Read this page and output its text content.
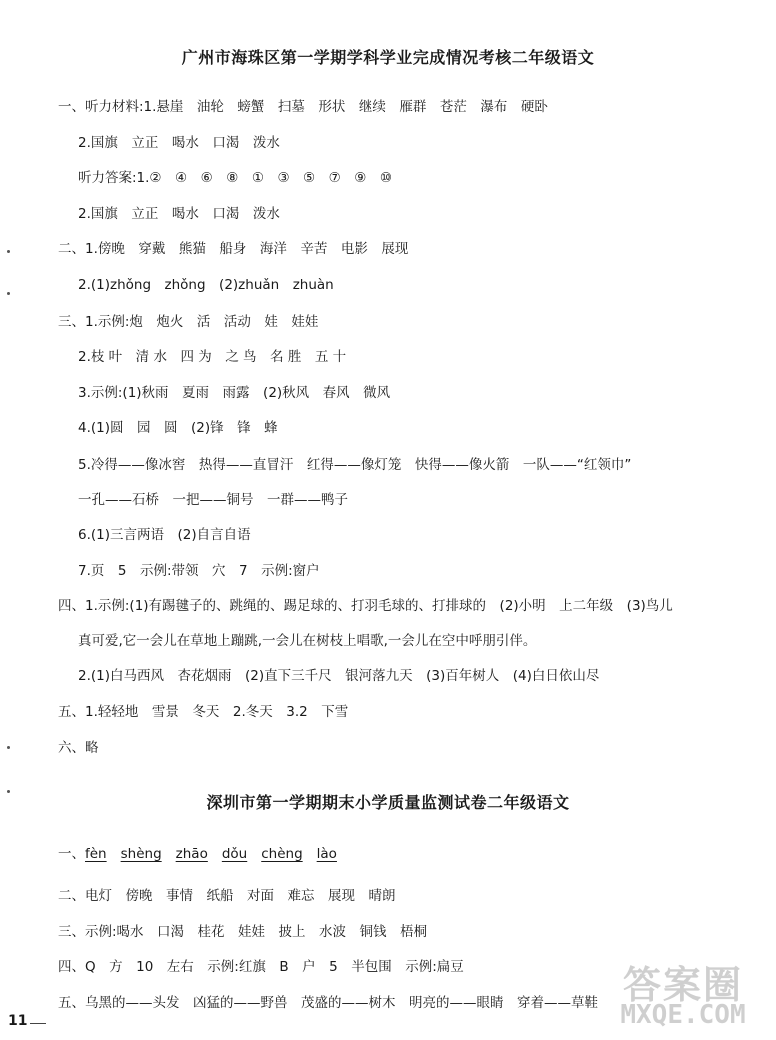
广州市海珠区第一学期学科学业完成情况考核二年级语文
一、听力材料:1.悬崖　油轮　螃蟹　扫墓　形状　继续　雁群　苍茫　瀑布　硬卧
2.国旗　立正　喝水　口渴　泼水
听力答案:1.②　④　⑥　⑧　①　③　⑤　⑦　⑨　⑩
2.国旗　立正　喝水　口渴　泼水
二、1.傍晚　穿戴　熊猫　船身　海洋　辛苦　电影　展现
2.(1)zhǒng　zhǒng　(2)zhuǎn　zhuàn
三、1.示例:炮　炮火　活　活动　娃　娃娃
2.枝 叶　清 水　四 为　之 鸟　名 胜　五 十
3.示例:(1)秋雨　夏雨　雨露　(2)秋风　春风　微风
4.(1)圆　园　圆　(2)锋　锋　蜂
5.冷得——像冰窖　热得——直冒汗　红得——像灯笼　快得——像火箭　一队——“红领巾”
一孔——石桥　一把——铜号　一群——鸭子
6.(1)三言两语　(2)自言自语
7.页　5　示例:带领　穴　7　示例:窗户
四、1.示例:(1)有踢毽子的、跳绳的、踢足球的、打羽毛球的、打排球的　(2)小明　上二年级　(3)鸟儿
真可爱,它一会儿在草地上蹦跳,一会儿在树枝上唱歌,一会儿在空中呼朋引伴。
2.(1)白马西风　杏花烟雨　(2)直下三千尺　银河落九天　(3)百年树人　(4)白日依山尽
五、1.轻轻地　雪景　冬天　2.冬天　3.2　下雪
六、略
深圳市第一学期期末小学质量监测试卷二年级语文
一、fèn shèng zhāo dǒu chèng lào
二、电灯　傍晚　事情　纸船　对面　难忘　展现　晴朗
三、示例:喝水　口渴　桂花　娃娃　披上　水波　铜钱　梧桐
四、Q　方　10　左右　示例:红旗　B　户　5　半包围　示例:扁豆
五、乌黑的——头发　凶猛的——野兽　茂盛的——树木　明亮的——眼睛　穿着——草鞋
11
答案圈
MXQE.COM
